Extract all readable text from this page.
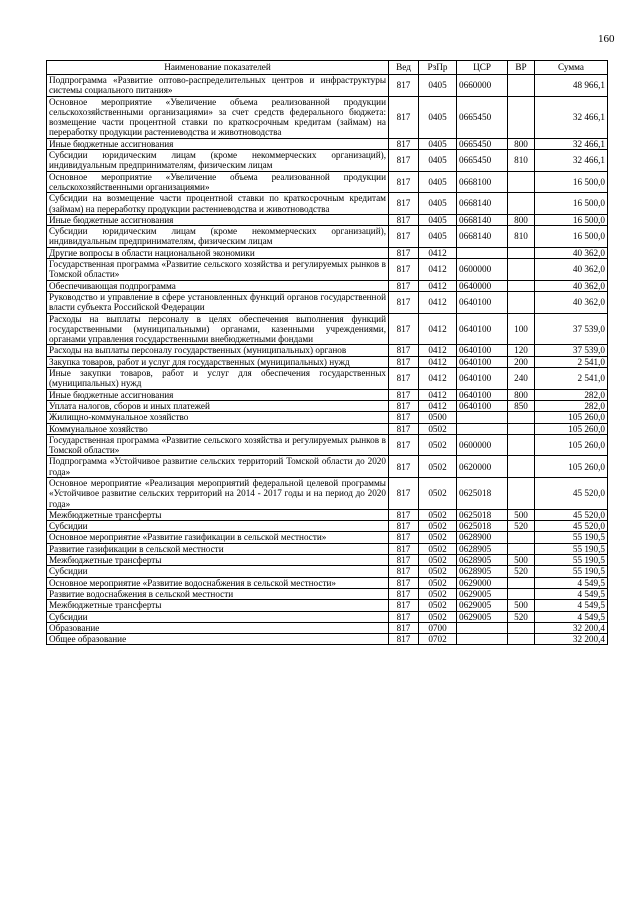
160
Наименование показателей	Вед	РзПр	ЦСР	ВР	Сумма
Подпрограмма «Развитие оптово-распределительных центров и инфраструктуры системы социального питания»	817	0405	0660000		48 966,1
Основное мероприятие «Увеличение объема реализованной продукции сельскохозяйственными организациями» за счет средств федерального бюджета: возмещение части процентной ставки по краткосрочным кредитам (займам) на переработку продукции растениеводства и животноводства	817	0405	0665450		32 466,1
Иные бюджетные ассигнования	817	0405	0665450	800	32 466,1
Субсидии юридическим лицам (кроме некоммерческих организаций), индивидуальным предпринимателям, физическим лицам	817	0405	0665450	810	32 466,1
Основное мероприятие «Увеличение объема реализованной продукции сельскохозяйственными организациями»	817	0405	0668100		16 500,0
Субсидии на возмещение части процентной ставки по краткосрочным кредитам (займам) на переработку продукции растениеводства и животноводства	817	0405	0668140		16 500,0
Иные бюджетные ассигнования	817	0405	0668140	800	16 500,0
Субсидии юридическим лицам (кроме некоммерческих организаций), индивидуальным предпринимателям, физическим лицам	817	0405	0668140	810	16 500,0
Другие вопросы в области национальной экономики	817	0412			40 362,0
Государственная программа «Развитие сельского хозяйства и регулируемых рынков в Томской области»	817	0412	0600000		40 362,0
Обеспечивающая подпрограмма	817	0412	0640000		40 362,0
Руководство и управление в сфере установленных функций органов государственной власти субъекта Российской Федерации	817	0412	0640100		40 362,0
Расходы на выплаты персоналу в целях обеспечения выполнения функций государственными (муниципальными) органами, казенными учреждениями, органами управления государственными внебюджетными фондами	817	0412	0640100	100	37 539,0
Расходы на выплаты персоналу государственных (муниципальных) органов	817	0412	0640100	120	37 539,0
Закупка товаров, работ и услуг для государственных (муниципальных) нужд	817	0412	0640100	200	2 541,0
Иные закупки товаров, работ и услуг для обеспечения государственных (муниципальных) нужд	817	0412	0640100	240	2 541,0
Иные бюджетные ассигнования	817	0412	0640100	800	282,0
Уплата налогов, сборов и иных платежей	817	0412	0640100	850	282,0
Жилищно-коммунальное хозяйство	817	0500			105 260,0
Коммунальное хозяйство	817	0502			105 260,0
Государственная программа «Развитие сельского хозяйства и регулируемых рынков в Томской области»	817	0502	0600000		105 260,0
Подпрограмма «Устойчивое развитие сельских территорий Томской области до 2020 года»	817	0502	0620000		105 260,0
Основное мероприятие «Реализация мероприятий федеральной целевой программы «Устойчивое развитие сельских территорий на 2014 - 2017 годы и на период до 2020 года»	817	0502	0625018		45 520,0
Межбюджетные трансферты	817	0502	0625018	500	45 520,0
Субсидии	817	0502	0625018	520	45 520,0
Основное мероприятие «Развитие газификации в сельской местности»	817	0502	0628900		55 190,5
Развитие газификации в сельской местности	817	0502	0628905		55 190,5
Межбюджетные трансферты	817	0502	0628905	500	55 190,5
Субсидии	817	0502	0628905	520	55 190,5
Основное мероприятие «Развитие водоснабжения в сельской местности»	817	0502	0629000		4 549,5
Развитие водоснабжения в сельской местности	817	0502	0629005		4 549,5
Межбюджетные трансферты	817	0502	0629005	500	4 549,5
Субсидии	817	0502	0629005	520	4 549,5
Образование	817	0700			32 200,4
Общее образование	817	0702			32 200,4
